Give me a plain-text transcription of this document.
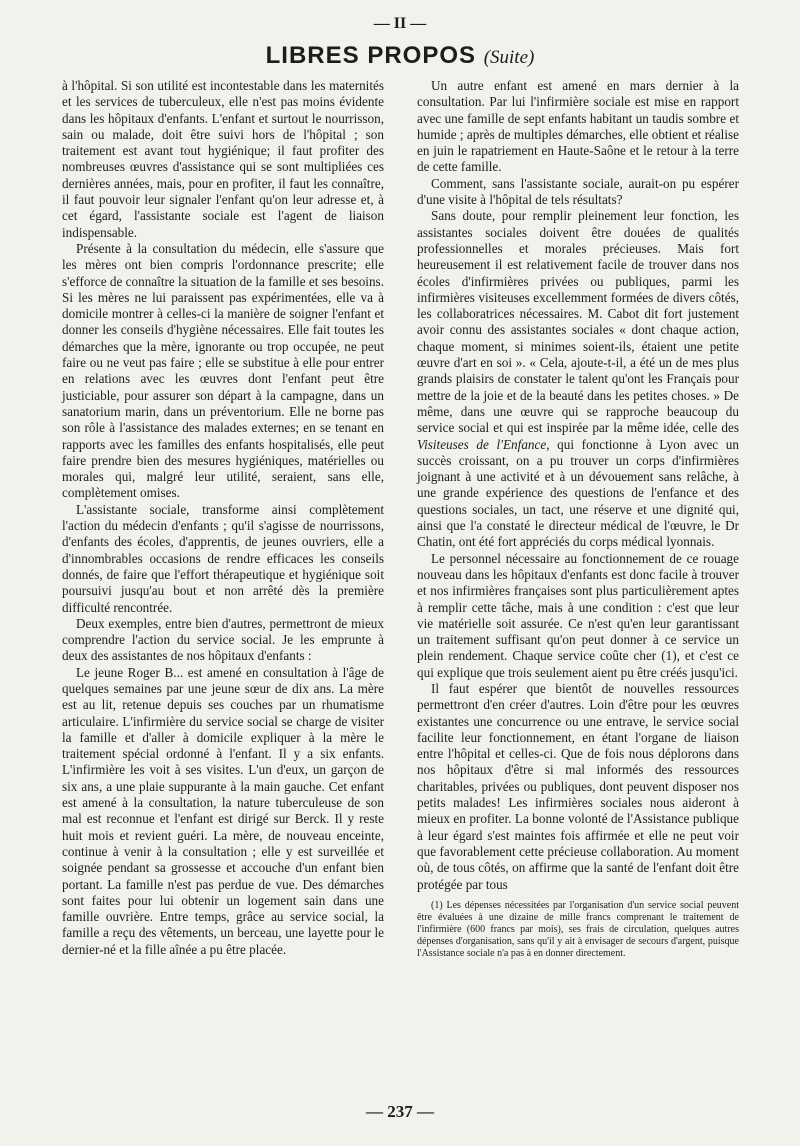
— II —
LIBRES PROPOS (Suite)

à l'hôpital. Si son utilité est incontestable dans les maternités et les services de tuberculeux, elle n'est pas moins évidente dans les hôpitaux d'enfants. L'enfant et surtout le nourrisson, sain ou malade, doit être suivi hors de l'hôpital ; son traitement est avant tout hygiénique; il faut profiter des nombreuses œuvres d'assistance qui se sont multipliées ces dernières années, mais, pour en profiter, il faut les connaître, il faut pouvoir leur signaler l'enfant qu'on leur adresse et, à cet égard, l'assistante sociale est l'agent de liaison indispensable.

Présente à la consultation du médecin, elle s'assure que les mères ont bien compris l'ordonnance prescrite; elle s'efforce de connaître la situation de la famille et ses besoins. Si les mères ne lui paraissent pas expérimentées, elle va à domicile montrer à celles-ci la manière de soigner l'enfant et donner les conseils d'hygiène nécessaires. Elle fait toutes les démarches que la mère, ignorante ou trop occupée, ne peut faire ou ne veut pas faire ; elle se substitue à elle pour entrer en relations avec les œuvres dont l'enfant peut être justiciable, pour assurer son départ à la campagne, dans un sanatorium marin, dans un préventorium. Elle ne borne pas son rôle à l'assistance des malades externes; en se tenant en rapports avec les familles des enfants hospitalisés, elle peut faire prendre bien des mesures hygiéniques, matérielles ou morales qui, malgré leur utilité, seraient, sans elle, complètement omises.

L'assistante sociale, transforme ainsi complètement l'action du médecin d'enfants ; qu'il s'agisse de nourrissons, d'enfants des écoles, d'apprentis, de jeunes ouvriers, elle a d'innombrables occasions de rendre efficaces les conseils donnés, de faire que l'effort thérapeutique et hygiénique soit poursuivi jusqu'au bout et non arrêté dès la première difficulté rencontrée.

Deux exemples, entre bien d'autres, permettront de mieux comprendre l'action du service social. Je les emprunte à deux des assistantes de nos hôpitaux d'enfants :

Le jeune Roger B... est amené en consultation à l'âge de quelques semaines par une jeune sœur de dix ans. La mère est au lit, retenue depuis ses couches par un rhumatisme articulaire. L'infirmière du service social se charge de visiter la famille et d'aller à domicile expliquer à la mère le traitement spécial ordonné à l'enfant. Il y a six enfants. L'infirmière les voit à ses visites. L'un d'eux, un garçon de six ans, a une plaie suppurante à la main gauche. Cet enfant est amené à la consultation, la nature tuberculeuse de son mal est reconnue et l'enfant est dirigé sur Berck. Il y reste huit mois et revient guéri. La mère, de nouveau enceinte, continue à venir à la consultation ; elle y est surveillée et soignée pendant sa grossesse et accouche d'un enfant bien portant. La famille n'est pas perdue de vue. Des démarches sont faites pour lui obtenir un logement sain dans une famille ouvrière. Entre temps, grâce au service social, la famille a reçu des vêtements, un berceau, une layette pour le dernier-né et la fille aînée a pu être placée.

Un autre enfant est amené en mars dernier à la consultation. Par lui l'infirmière sociale est mise en rapport avec une famille de sept enfants habitant un taudis sombre et humide ; après de multiples démarches, elle obtient et réalise en juin le rapatriement en Haute-Saône et le retour à la terre de cette famille.

Comment, sans l'assistante sociale, aurait-on pu espérer d'une visite à l'hôpital de tels résultats?

Sans doute, pour remplir pleinement leur fonction, les assistantes sociales doivent être douées de qualités professionnelles et morales précieuses. Mais fort heureusement il est relativement facile de trouver dans nos écoles d'infirmières privées ou publiques, parmi les infirmières visiteuses excellemment formées de divers côtés, les collaboratrices nécessaires. M. Cabot dit fort justement avoir connu des assistantes sociales « dont chaque action, chaque moment, si minimes soient-ils, étaient une petite œuvre d'art en soi ». « Cela, ajoute-t-il, a été un de mes plus grands plaisirs de constater le talent qu'ont les Français pour mettre de la joie et de la beauté dans les petites choses. » De même, dans une œuvre qui se rapproche beaucoup du service social et qui est inspirée par la même idée, celle des Visiteuses de l'Enfance, qui fonctionne à Lyon avec un succès croissant, on a pu trouver un corps d'infirmières joignant à une activité et à un dévouement sans relâche, à une grande expérience des questions de l'enfance et des questions sociales, un tact, une réserve et une dignité qui, ainsi que l'a constaté le directeur médical de l'œuvre, le Dr Chatin, ont été fort appréciés du corps médical lyonnais.

Le personnel nécessaire au fonctionnement de ce rouage nouveau dans les hôpitaux d'enfants est donc facile à trouver et nos infirmières françaises sont plus particulièrement aptes à remplir cette tâche, mais à une condition : c'est que leur vie matérielle soit assurée. Ce n'est qu'en leur garantissant un traitement suffisant qu'on peut donner à ce service un plein rendement. Chaque service coûte cher (1), et c'est ce qui explique que trois seulement aient pu être créés jusqu'ici.

Il faut espérer que bientôt de nouvelles ressources permettront d'en créer d'autres. Loin d'être pour les œuvres existantes une concurrence ou une entrave, le service social facilite leur fonctionnement, en étant l'organe de liaison entre l'hôpital et celles-ci. Que de fois nous déplorons dans nos hôpitaux d'être si mal informés des ressources charitables, privées ou publiques, dont peuvent disposer nos petits malades! Les infirmières sociales nous aideront à mieux en profiter. La bonne volonté de l'Assistance publique à leur égard s'est maintes fois affirmée et elle ne peut voir que favorablement cette précieuse collaboration. Au moment où, de tous côtés, on affirme que la santé de l'enfant doit être protégée par tous

(1) Les dépenses nécessitées par l'organisation d'un service social peuvent être évaluées à une dizaine de mille francs comprenant le traitement de l'infirmière (600 francs par mois), ses frais de circulation, quelques autres dépenses d'organisation, sans qu'il y ait à envisager de secours d'argent, puisque l'Assistance sociale n'a pas à en donner directement.
— 237 —
